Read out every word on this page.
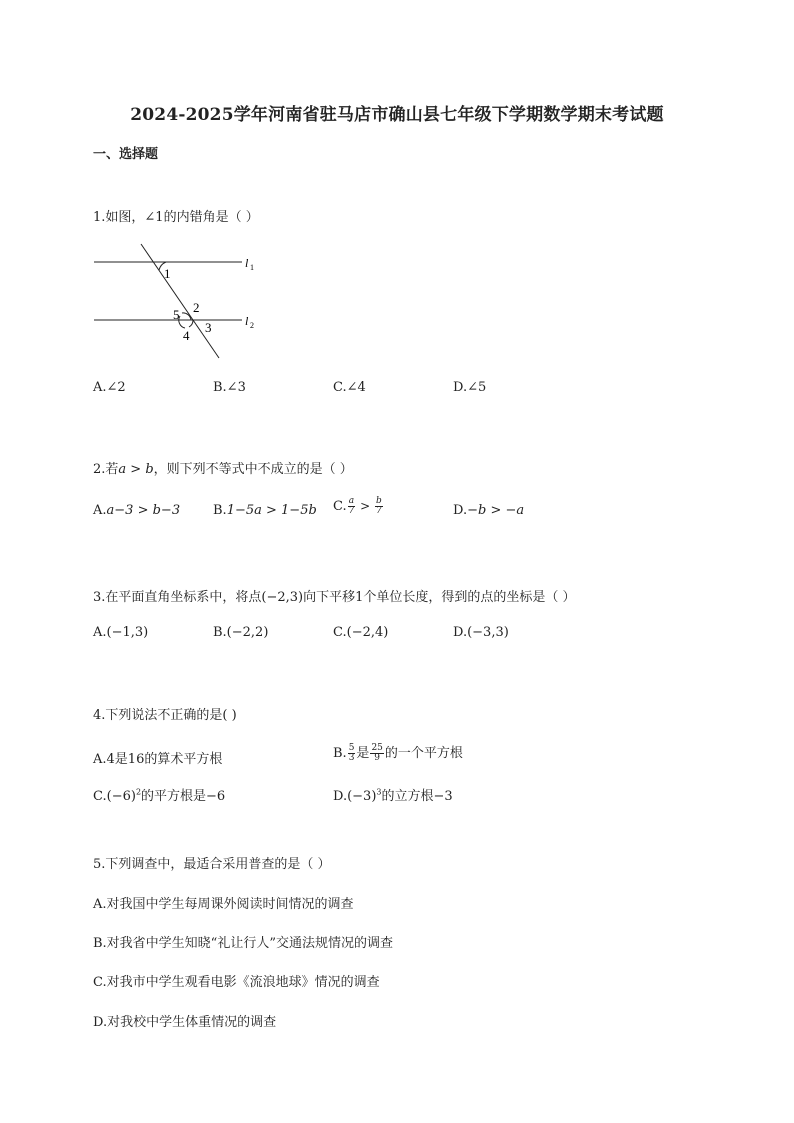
2024-2025学年河南省驻马店市确山县七年级下学期数学期末考试题
一、选择题
1.如图，∠1的内错角是（ ）
1
2
3
4
5
l 1
l 2
A.∠2	B.∠3	C.∠4	D.∠5
2.若a > b，则下列不等式中不成立的是（ ）
A.a−3 > b−3	B.1−5a > 1−5b C. $\frac{a}{7} > \frac{b}{7}$	D.−b > −a
3.在平面直角坐标系中，将点(−2,3)向下平移1个单位长度，得到的点的坐标是（ ）
A.(−1,3)	B.(−2,2)	C.(−2,4)	D.(−3,3)
4.下列说法不正确的是( )
A.4是16的算术平方根	B. $\frac{5}{3}$ 是 $\frac{25}{9}$ 的一个平方根
$C.(-6)^2$的平方根是−6	$D.(-3)^3$的立方根−3
5.下列调查中，最适合采用普查的是（ ）
A.对我国中学生每周课外阅读时间情况的调查
B.对我省中学生知晓“礼让行人”交通法规情况的调查
C.对我市中学生观看电影《流浪地球》情况的调查
D.对我校中学生体重情况的调查
